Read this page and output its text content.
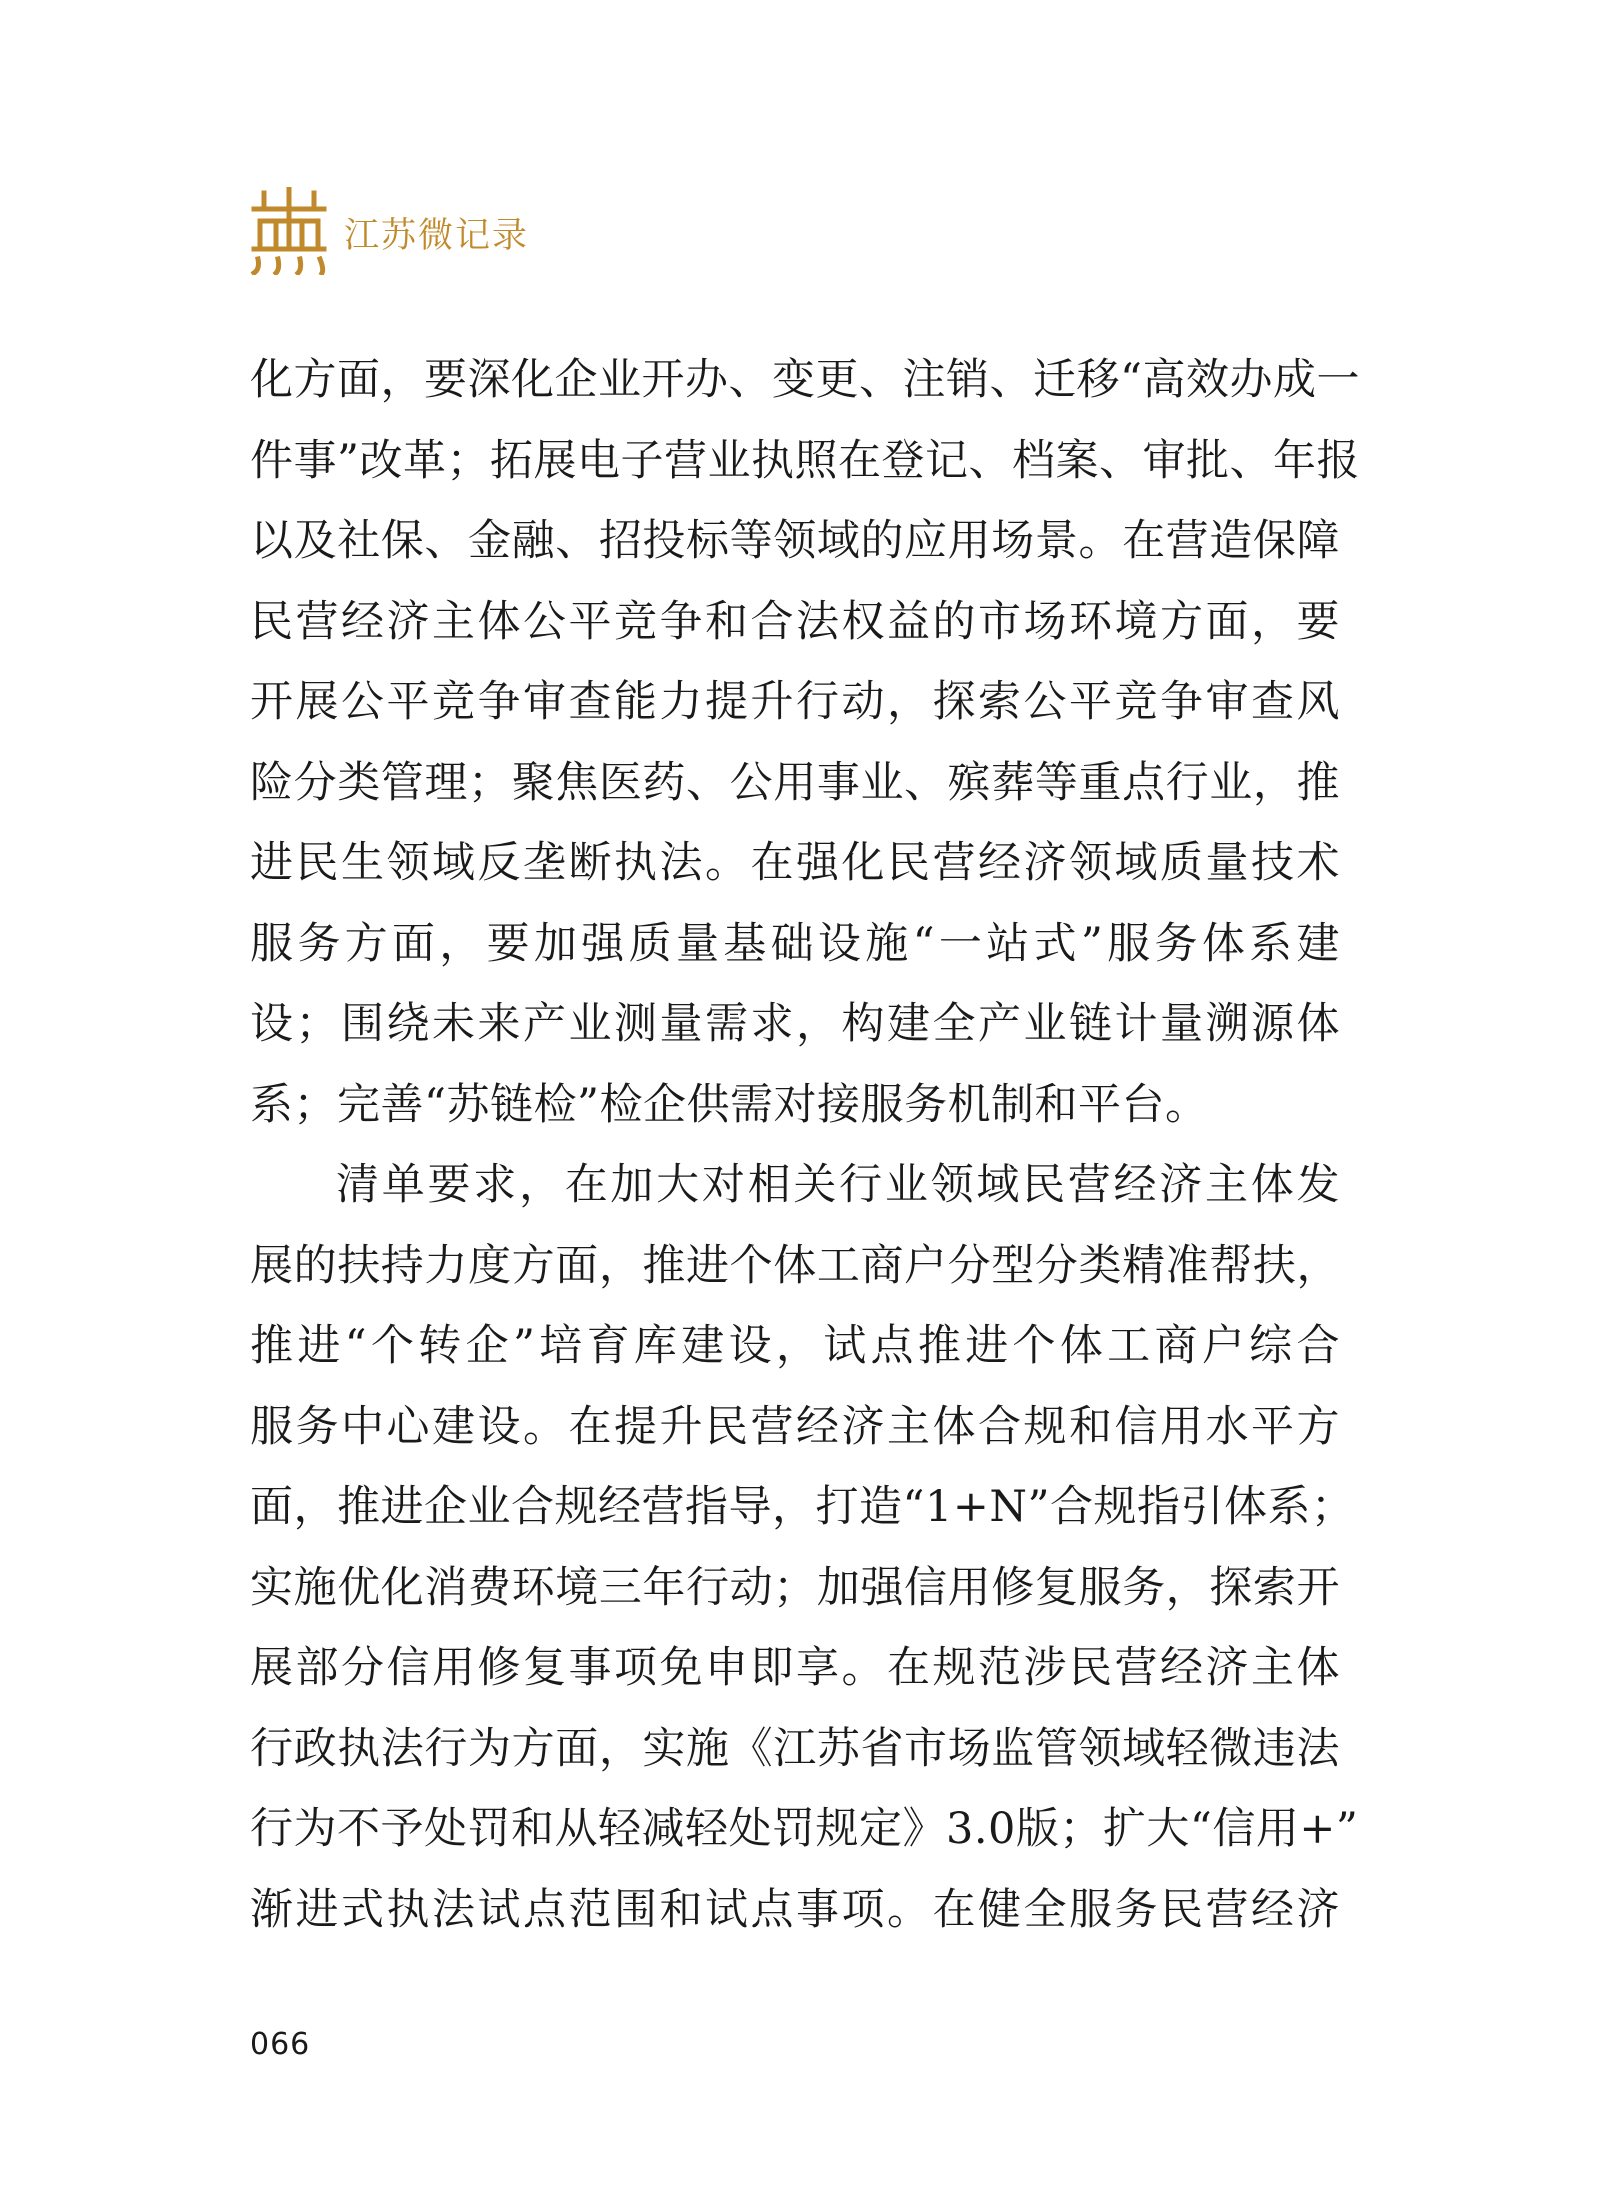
江苏微记录
化方面，要深化企业开办、变更、注销、迁移“高效办成一
件事”改革；拓展电子营业执照在登记、档案、审批、年报
以及社保、金融、招投标等领域的应用场景。在营造保障
民营经济主体公平竞争和合法权益的市场环境方面，要
开展公平竞争审查能力提升行动，探索公平竞争审查风
险分类管理；聚焦医药、公用事业、殡葬等重点行业，推
进民生领域反垄断执法。在强化民营经济领域质量技术
服务方面，要加强质量基础设施“一站式”服务体系建
设；围绕未来产业测量需求，构建全产业链计量溯源体
系；完善“苏链检”检企供需对接服务机制和平台。
清单要求，在加大对相关行业领域民营经济主体发
展的扶持力度方面，推进个体工商户分型分类精准帮扶，
推进“个转企”培育库建设，试点推进个体工商户综合
服务中心建设。在提升民营经济主体合规和信用水平方
面，推进企业合规经营指导，打造“1+N”合规指引体系；
实施优化消费环境三年行动；加强信用修复服务，探索开
展部分信用修复事项免申即享。在规范涉民营经济主体
行政执法行为方面，实施《江苏省市场监管领域轻微违法
行为不予处罚和从轻减轻处罚规定》3.0版；扩大“信用+”
渐进式执法试点范围和试点事项。在健全服务民营经济
066
